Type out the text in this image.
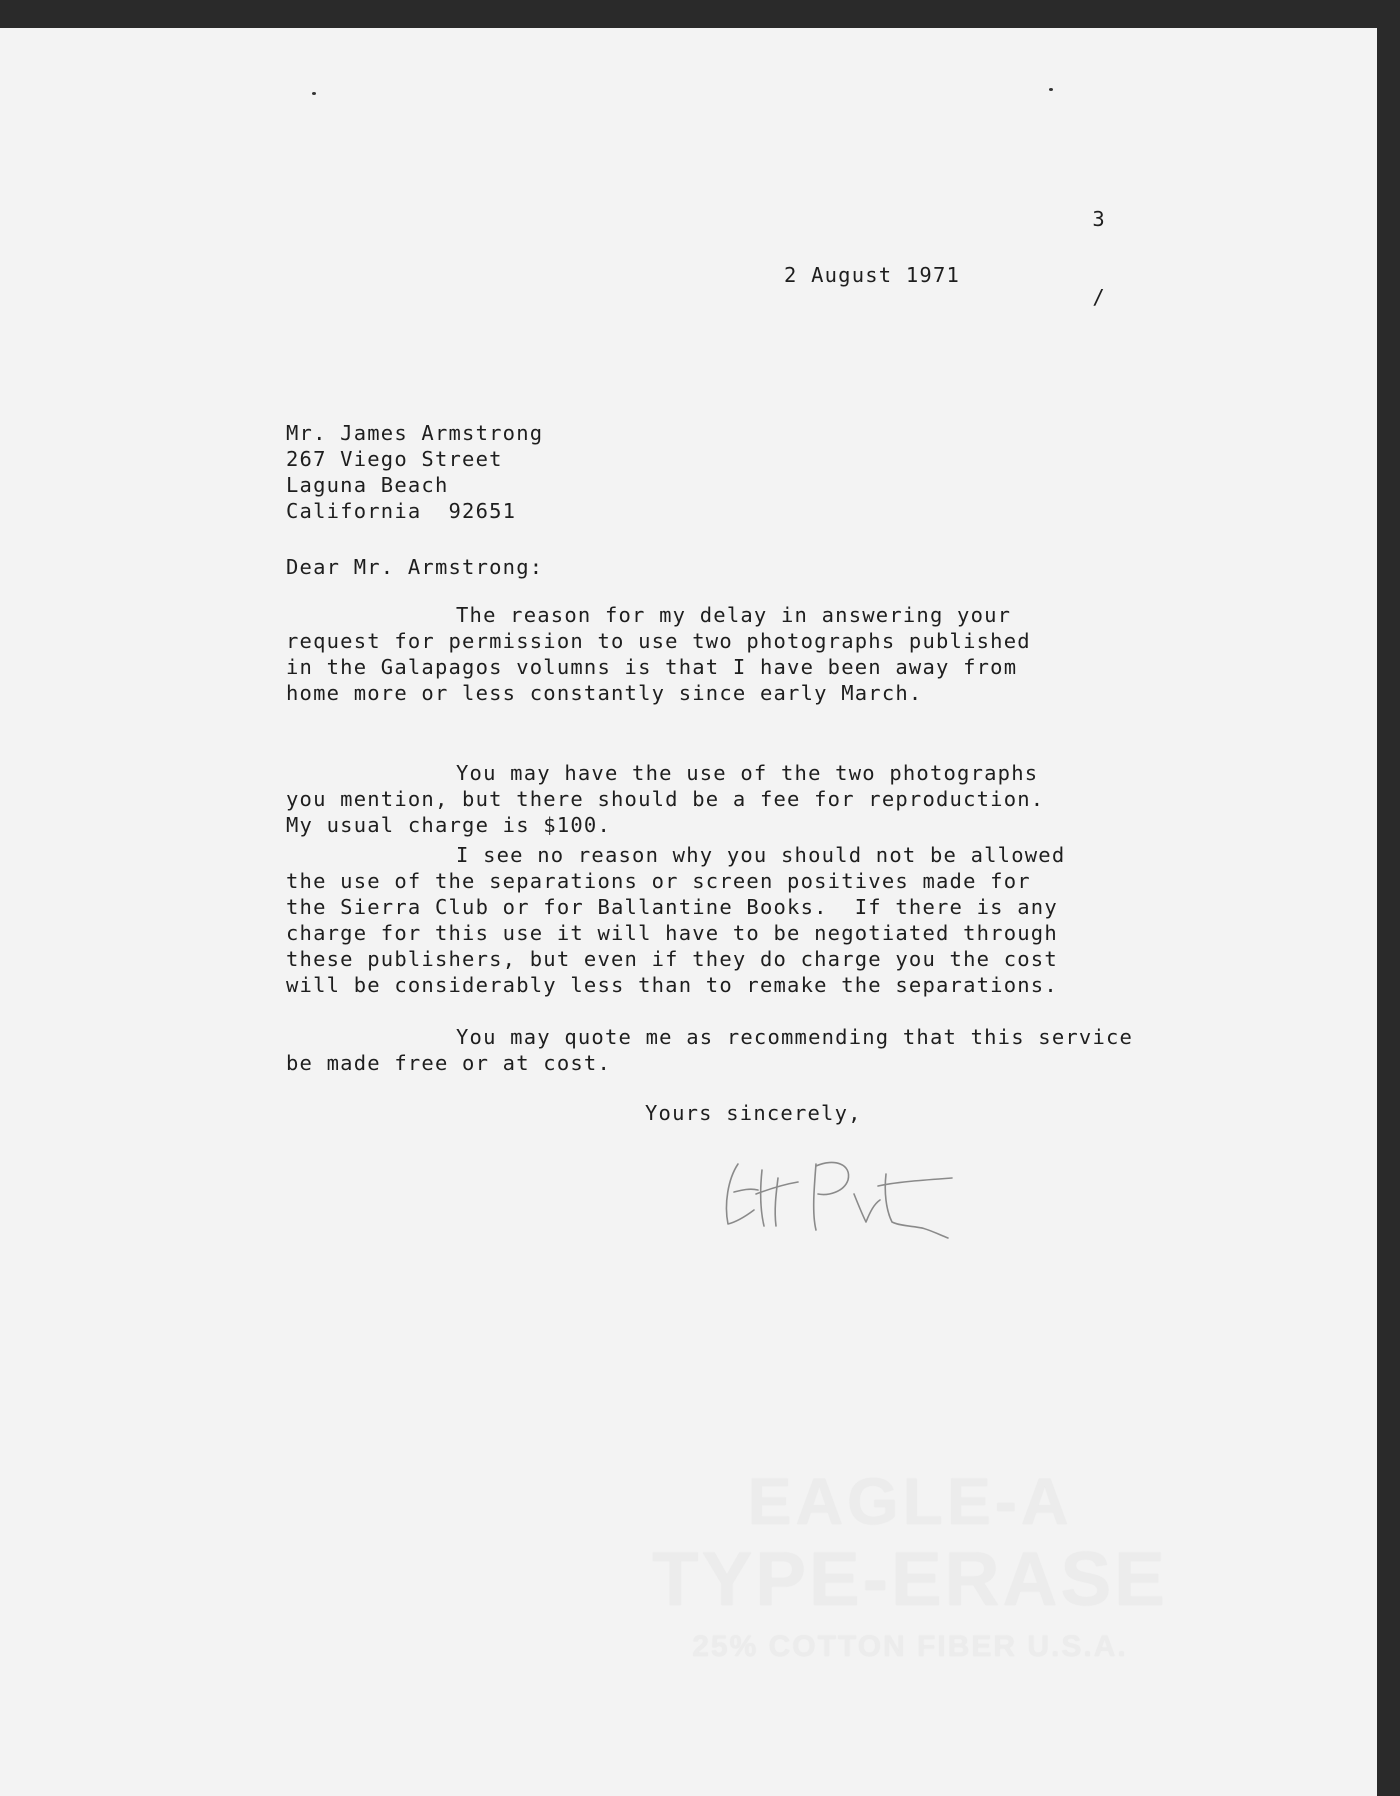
3

/

2 August 1971
Mr. James Armstrong
267 Viego Street
Laguna Beach
California  92651
Dear Mr. Armstrong:
The reason for my delay in answering your
request for permission to use two photographs published
in the Galapagos volumns is that I have been away from
home more or less constantly since early March.
You may have the use of the two photographs
you mention, but there should be a fee for reproduction.
My usual charge is $100.
I see no reason why you should not be allowed
the use of the separations or screen positives made for
the Sierra Club or for Ballantine Books.  If there is any
charge for this use it will have to be negotiated through
these publishers, but even if they do charge you the cost
will be considerably less than to remake the separations.
You may quote me as recommending that this service
be made free or at cost.
Yours sincerely,
EAGLE-A
TYPE-ERASE
25% COTTON FIBER U.S.A.
